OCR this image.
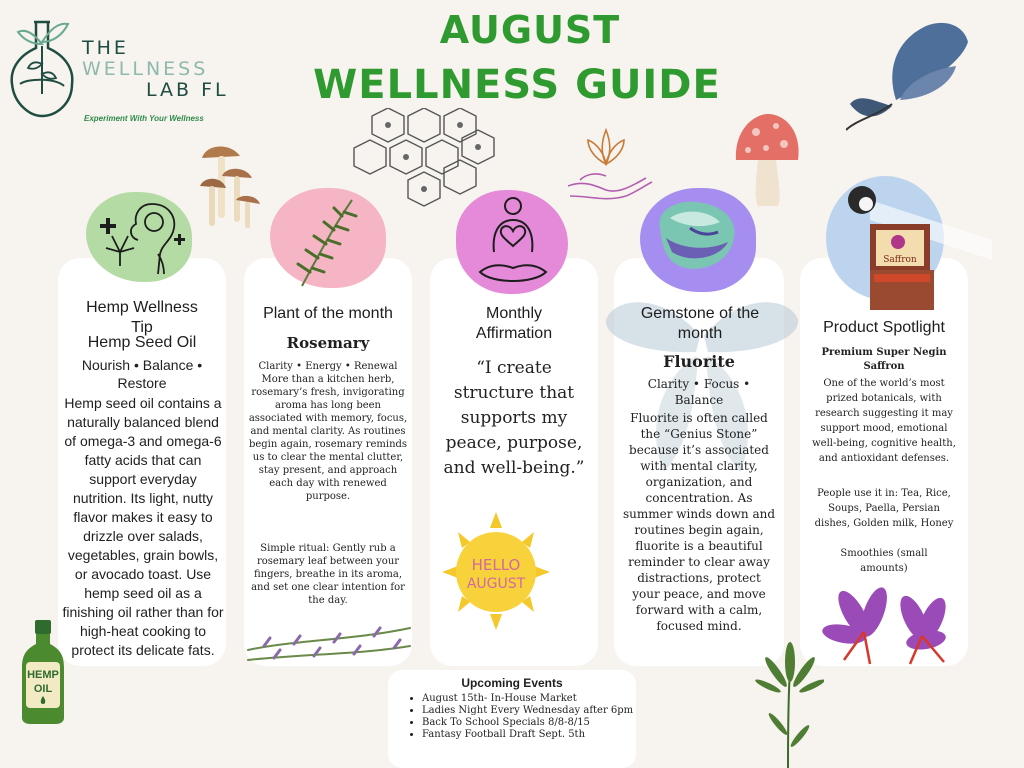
THE
WELLNESS
LAB FL
Experiment With Your Wellness
AUGUST
WELLNESS GUIDE
Hemp Wellness Tip
Hemp Seed Oil
Nourish • Balance • Restore
Hemp seed oil contains a naturally balanced blend of omega-3 and omega-6 fatty acids that can support everyday nutrition. Its light, nutty flavor makes it easy to drizzle over salads, vegetables, grain bowls, or avocado toast. Use hemp seed oil as a finishing oil rather than for high-heat cooking to protect its delicate fats.
HEMP
OIL
Plant of the month
Rosemary
Clarity • Energy • Renewal
More than a kitchen herb, rosemary’s fresh, invigorating aroma has long been associated with memory, focus, and mental clarity. As routines begin again, rosemary reminds us to clear the mental clutter, stay present, and approach each day with renewed purpose.
Simple ritual: Gently rub a rosemary leaf between your fingers, breathe in its aroma, and set one clear intention for the day.
Monthly Affirmation
“I create structure that supports my peace, purpose, and well-being.”
HELLO
AUGUST
Gemstone of the month
Fluorite
Clarity • Focus • Balance
Fluorite is often called the “Genius Stone” because it’s associated with mental clarity, organization, and concentration. As summer winds down and routines begin again, fluorite is a beautiful reminder to clear away distractions, protect your peace, and move forward with a calm, focused mind.
Saffron
Product Spotlight
Premium Super Negin Saffron
One of the world’s most prized botanicals, with research suggesting it may support mood, emotional well-being, cognitive health, and antioxidant defenses.
People use it in: Tea, Rice, Soups, Paella, Persian dishes, Golden milk, Honey
Smoothies (small amounts)
Upcoming Events
• August 15th- In-House Market
• Ladies Night Every Wednesday after 6pm
• Back To School Specials 8/8-8/15
• Fantasy Football Draft Sept. 5th
